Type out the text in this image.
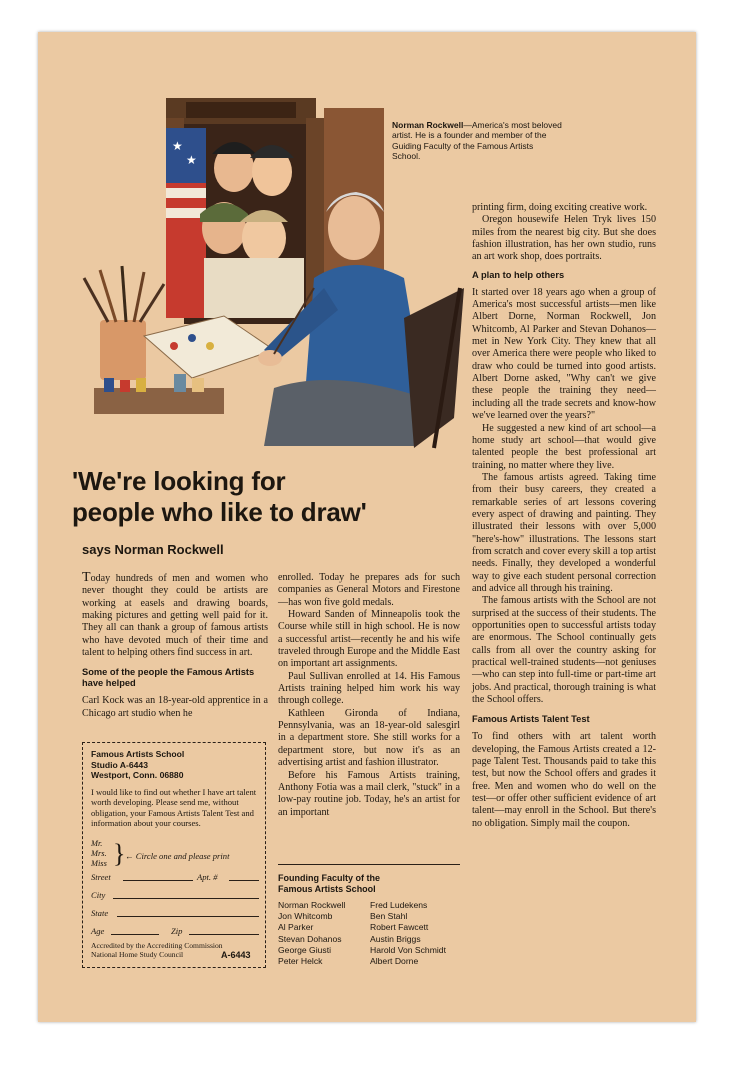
★
★
Norman Rockwell—America's most beloved artist. He is a founder and member of the Guiding Faculty of the Famous Artists School.
'We're looking for
people who like to draw'
says Norman Rockwell

Today hundreds of men and women who never thought they could be artists are working at easels and drawing boards, making pictures and getting well paid for it. They all can thank a group of famous artists who have devoted much of their time and talent to helping others find success in art.

Some of the people the Famous Artists have helped

Carl Kock was an 18-year-old apprentice in a Chicago art studio when he

Famous Artists School
Studio A-6443
Westport, Conn. 06880
I would like to find out whether I have art talent worth developing. Please send me, without obligation, your Famous Artists Talent Test and information about your courses.
Mr.
Mrs.
Miss } ← Circle one and please print
Street	Apt. #
City
State
Age	Zip
Accredited by the Accrediting Commission National Home Study Council	A-6443

enrolled. Today he prepares ads for such companies as General Motors and Firestone—has won five gold medals.

Howard Sanden of Minneapolis took the Course while still in high school. He is now a successful artist—recently he and his wife traveled through Europe and the Middle East on important art assignments.

Paul Sullivan enrolled at 14. His Famous Artists training helped him work his way through college.

Kathleen Gironda of Indiana, Pennsylvania, was an 18-year-old salesgirl in a department store. She still works for a department store, but now it's as an advertising artist and fashion illustrator.

Before his Famous Artists training, Anthony Fotia was a mail clerk, "stuck" in a low-pay routine job. Today, he's an artist for an important

Founding Faculty of the Famous Artists School
Norman Rockwell	Fred Ludekens
Jon Whitcomb	Ben Stahl
Al Parker	Robert Fawcett
Stevan Dohanos	Austin Briggs
George Giusti	Harold Von Schmidt
Peter Helck	Albert Dorne

printing firm, doing exciting creative work.

Oregon housewife Helen Tryk lives 150 miles from the nearest big city. But she does fashion illustration, has her own studio, runs an art work shop, does portraits.

A plan to help others

It started over 18 years ago when a group of America's most successful artists—men like Albert Dorne, Norman Rockwell, Jon Whitcomb, Al Parker and Stevan Dohanos—met in New York City. They knew that all over America there were people who liked to draw who could be turned into good artists. Albert Dorne asked, "Why can't we give these people the training they need—including all the trade secrets and know-how we've learned over the years?"

He suggested a new kind of art school—a home study art school—that would give talented people the best professional art training, no matter where they live.

The famous artists agreed. Taking time from their busy careers, they created a remarkable series of art lessons covering every aspect of drawing and painting. They illustrated their lessons with over 5,000 "here's-how" illustrations. The lessons start from scratch and cover every skill a top artist needs. Finally, they developed a wonderful way to give each student personal correction and advice all through his training.

The famous artists with the School are not surprised at the success of their students. The opportunities open to successful artists today are enormous. The School continually gets calls from all over the country asking for practical well-trained students—not geniuses—who can step into full-time or part-time art jobs. And practical, thorough training is what the School offers.

Famous Artists Talent Test

To find others with art talent worth developing, the Famous Artists created a 12-page Talent Test. Thousands paid to take this test, but now the School offers and grades it free. Men and women who do well on the test—or offer other sufficient evidence of art talent—may enroll in the School. But there's no obligation. Simply mail the coupon.
